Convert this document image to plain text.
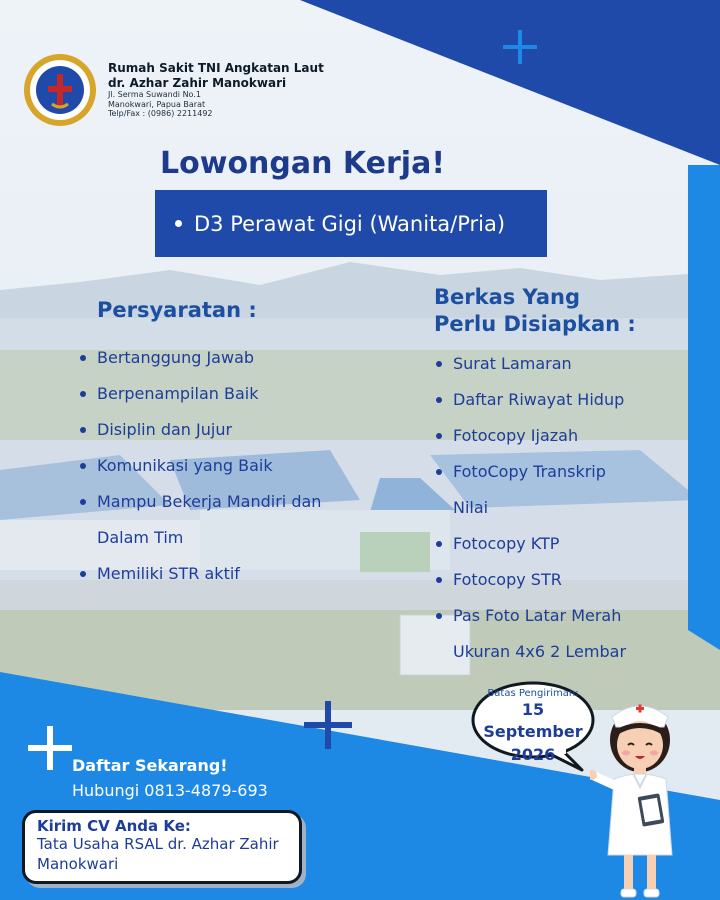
Rumah Sakit TNI Angkatan Laut
dr. Azhar Zahir Manokwari
Jl. Serma Suwandi No.1
Manokwari, Papua Barat
Telp/Fax : (0986) 2211492
Lowongan Kerja!
D3 Perawat Gigi (Wanita/Pria)
Persyaratan :
Bertanggung Jawab
Berpenampilan Baik
Disiplin dan Jujur
Komunikasi yang Baik
Mampu Bekerja Mandiri dan
Dalam Tim
Memiliki STR aktif
Berkas Yang
Perlu Disiapkan :
Surat Lamaran
Daftar Riwayat Hidup
Fotocopy Ijazah
FotoCopy Transkrip
Nilai
Fotocopy KTP
Fotocopy STR
Pas Foto Latar Merah
Ukuran 4x6 2 Lembar
Batas Pengiriman:
15 September
2026
Daftar Sekarang!
Hubungi 0813-4879-693
Kirim CV Anda Ke:
Tata Usaha RSAL dr. Azhar Zahir
Manokwari
